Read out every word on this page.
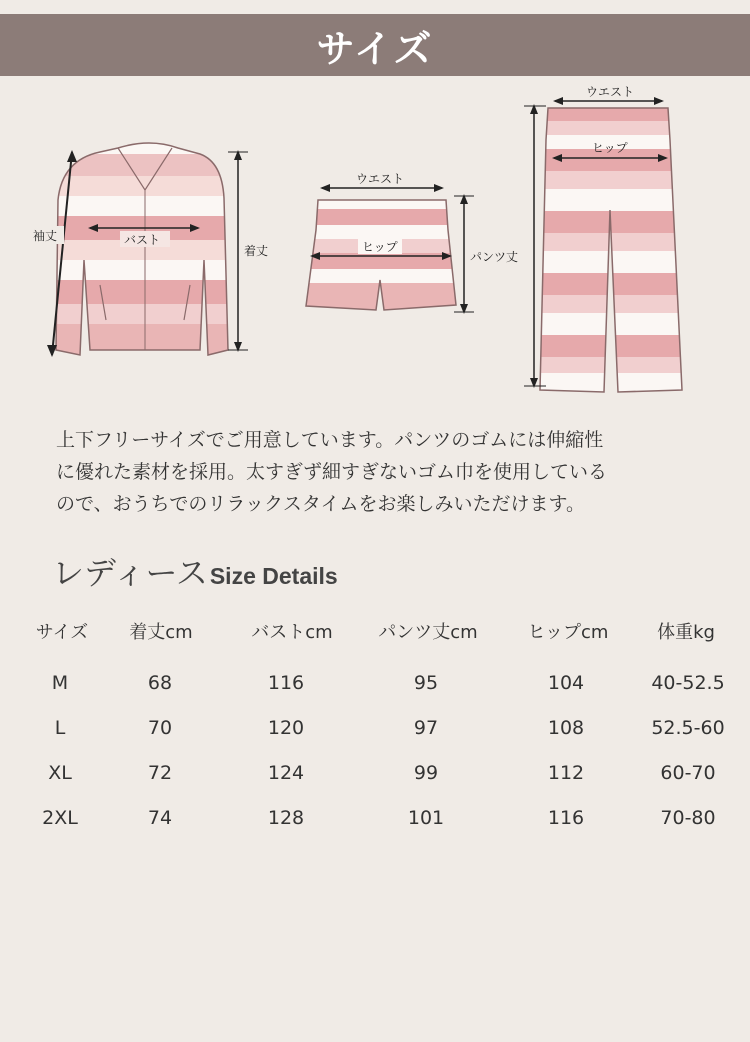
サイズ
袖丈	バスト
着丈
ウエスト
ヒップ
パンツ丈
ウエスト
ヒップ

上下フリーサイズでご用意しています。パンツのゴムには伸縮性

に優れた素材を採用。太すぎず細すぎないゴム巾を使用している

ので、おうちでのリラックスタイムをお楽しみいただけます。

レディース Size Details
サイズ 着丈cm	バストcm	パンツ丈cm	ヒップcm	体重kg
M	68	116	95	104	40-52.5
L	70	120	97	108	52.5-60
XL	72	124	99	112	60-70
2XL	74	128	101	116	70-80
